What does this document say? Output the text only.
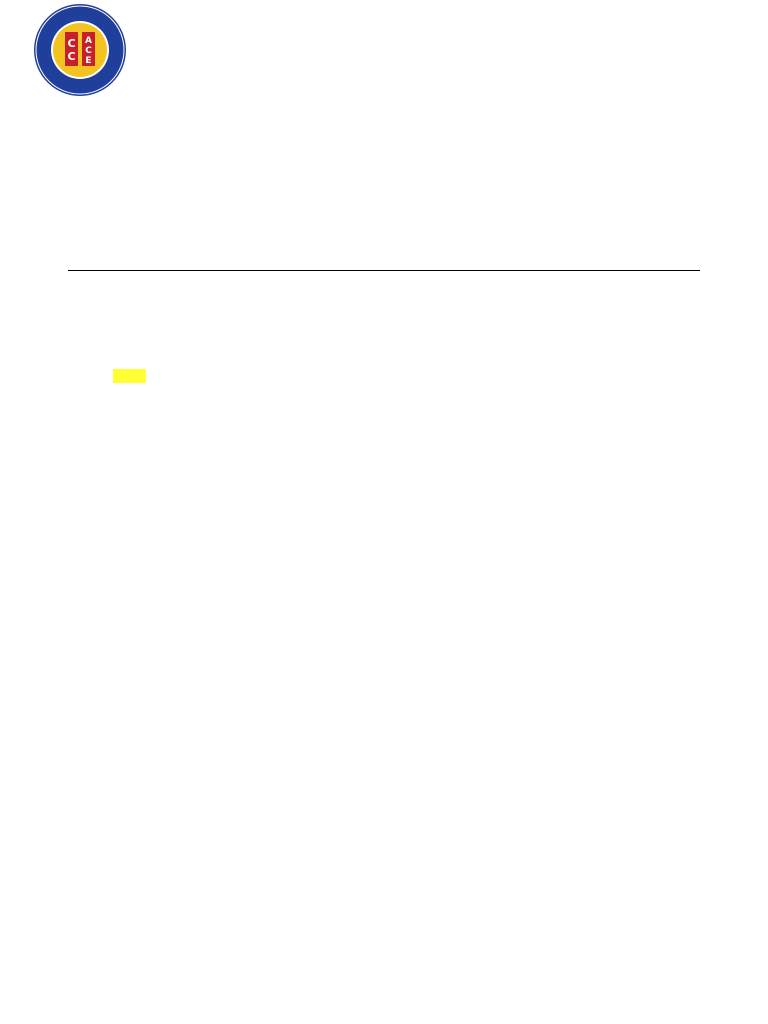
C
C
A
C
E
